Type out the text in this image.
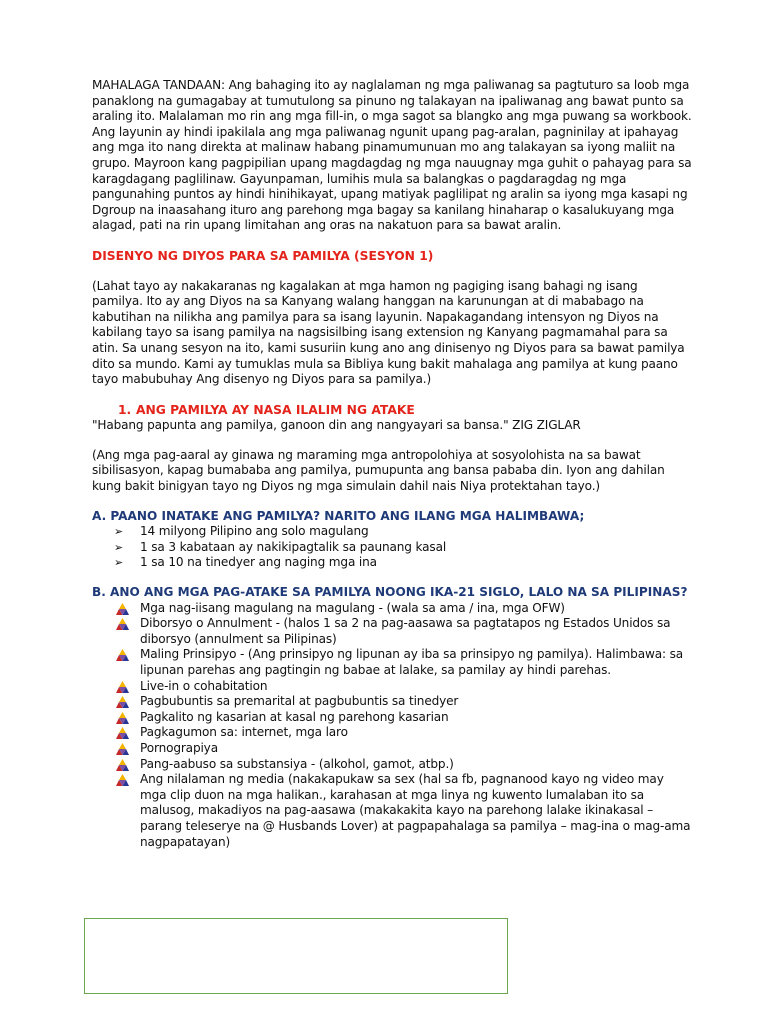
MAHALAGA TANDAAN: Ang bahaging ito ay naglalaman ng mga paliwanag sa pagtuturo sa loob mga panaklong na gumagabay at tumutulong sa pinuno ng talakayan na ipaliwanag ang bawat punto sa araling ito. Malalaman mo rin ang mga fill-in, o mga sagot sa blangko ang mga puwang sa workbook. Ang layunin ay hindi ipakilala ang mga paliwanag ngunit upang pag-aralan, pagninilay at ipahayag ang mga ito nang direkta at malinaw habang pinamumunuan mo ang talakayan sa iyong maliit na grupo. Mayroon kang pagpipilian upang magdagdag ng mga nauugnay mga guhit o pahayag para sa karagdagang paglilinaw. Gayunpaman, lumihis mula sa balangkas o pagdaragdag ng mga pangunahing puntos ay hindi hinihikayat, upang matiyak paglilipat ng aralin sa iyong mga kasapi ng Dgroup na inaasahang ituro ang parehong mga bagay sa kanilang hinaharap o kasalukuyang mga alagad, pati na rin upang limitahan ang oras na nakatuon para sa bawat aralin.

DISENYO NG DIYOS PARA SA PAMILYA (SESYON 1)

(Lahat tayo ay nakakaranas ng kagalakan at mga hamon ng pagiging isang bahagi ng isang pamilya. Ito ay ang Diyos na sa Kanyang walang hanggan na karunungan at di mababago na kabutihan na nilikha ang pamilya para sa isang layunin. Napakagandang intensyon ng Diyos na kabilang tayo sa isang pamilya na nagsisilbing isang extension ng Kanyang pagmamahal para sa atin. Sa unang sesyon na ito, kami susuriin kung ano ang dinisenyo ng Diyos para sa bawat pamilya dito sa mundo. Kami ay tumuklas mula sa Bibliya kung bakit mahalaga ang pamilya at kung paano tayo mabubuhay Ang disenyo ng Diyos para sa pamilya.)

1. ANG PAMILYA AY NASA ILALIM NG ATAKE

"Habang papunta ang pamilya, ganoon din ang nangyayari sa bansa." ZIG ZIGLAR

(Ang mga pag-aaral ay ginawa ng maraming mga antropolohiya at sosyolohista na sa bawat sibilisasyon, kapag bumababa ang pamilya, pumupunta ang bansa pababa din. Iyon ang dahilan kung bakit binigyan tayo ng Diyos ng mga simulain dahil nais Niya protektahan tayo.)

A. PAANO INATAKE ANG PAMILYA? NARITO ANG ILANG MGA HALIMBAWA;

➢	14 milyong Pilipino ang solo magulang
➢	1 sa 3 kabataan ay nakikipagtalik sa paunang kasal
➢	1 sa 10 na tinedyer ang naging mga ina

B. ANO ANG MGA PAG-ATAKE SA PAMILYA NOONG IKA-21 SIGLO, LALO NA SA PILIPINAS?

Mga nag-iisang magulang na magulang - (wala sa ama / ina, mga OFW)
Diborsyo o Annulment - (halos 1 sa 2 na pag-aasawa sa pagtatapos ng Estados Unidos sa diborsyo (annulment sa Pilipinas)
Maling Prinsipyo - (Ang prinsipyo ng lipunan ay iba sa prinsipyo ng pamilya). Halimbawa: sa lipunan parehas ang pagtingin ng babae at lalake, sa pamilay ay hindi parehas.
Live-in o cohabitation
Pagbubuntis sa premarital at pagbubuntis sa tinedyer
Pagkalito ng kasarian at kasal ng parehong kasarian
Pagkagumon sa: internet, mga laro
Pornograpiya
Pang-aabuso sa substansiya - (alkohol, gamot, atbp.)
Ang nilalaman ng media (nakakapukaw sa sex (hal sa fb, pagnanood kayo ng video may mga clip duon na mga halikan., karahasan at mga linya ng kuwento lumalaban ito sa malusog, makadiyos na pag-aasawa (makakakita kayo na parehong lalake ikinakasal – parang teleserye na @ Husbands Lover) at pagpapahalaga sa pamilya – mag-ina o mag-ama nagpapatayan)
